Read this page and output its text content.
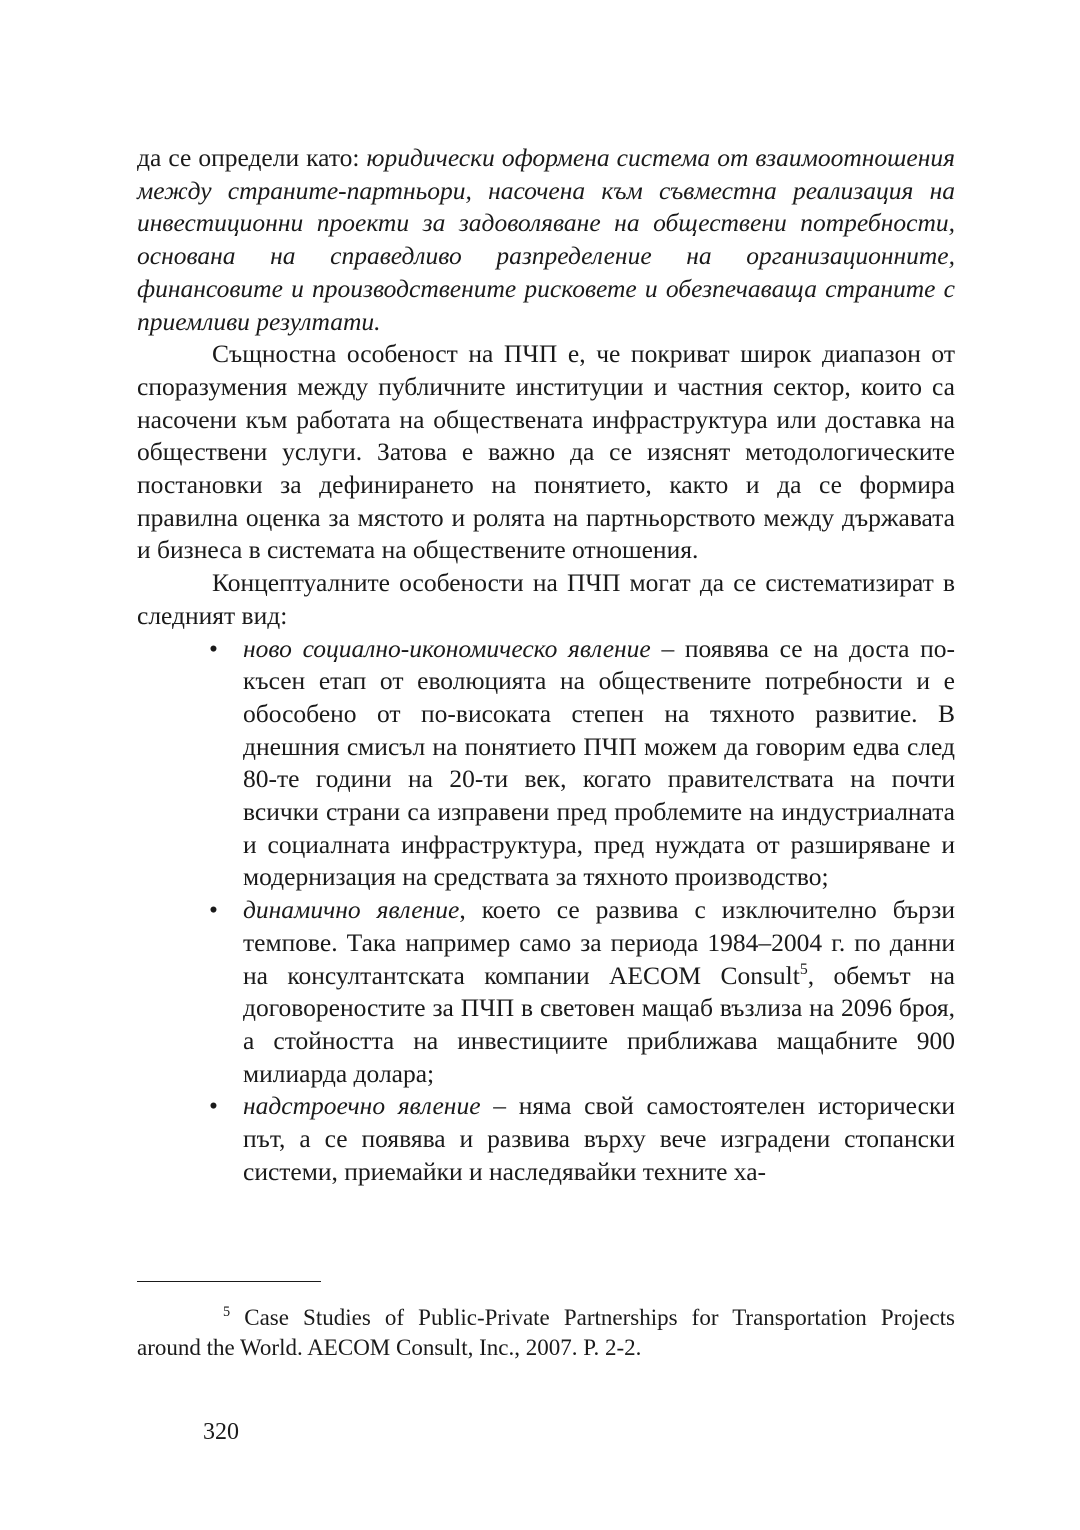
да се определи като: юридически оформена система от взаимоотношения между страните-партньори, насочена към съвместна реализация на инвестиционни проекти за задоволяване на обществени потребности, основана на справедливо разпределение на организационните, финансовите и производствените рисковете и обезпечаваща страните с приемливи резултати.

Същностна особеност на ПЧП е, че покриват широк диапазон от споразумения между публичните институции и частния сектор, които са насочени към работата на обществената инфраструктура или доставка на обществени услуги. Затова е важно да се изяснят методологическите постановки за дефинирането на понятието, както и да се формира правилна оценка за мястото и ролята на партньорството между държавата и бизнеса в системата на обществените отношения.

Концептуалните особености на ПЧП могат да се систематизират в следният вид:

• ново социално-икономическо явление – появява се на доста по-късен етап от еволюцията на обществените потребности и е обособено от по-високата степен на тяхното развитие. В днешния смисъл на понятието ПЧП можем да говорим едва след 80-те години на 20-ти век, когато правителствата на почти всички страни са изправени пред проблемите на индустриалната и социалната инфраструктура, пред нуждата от разширяване и модернизация на средствата за тяхното производство;
• динамично явление, което се развива с изключително бързи темпове. Така например само за периода 1984–2004 г. по данни на консултантската компании AECOM Consult$^5$, обемът на договореностите за ПЧП в световен мащаб възлиза на 2096 броя, а стойността на инвестициите приближава мащабните 900 милиарда долара;
• надстроечно явление – няма свой самостоятелен исторически път, а се появява и развива върху вече изградени стопански системи, приемайки и наследявайки техните ха-

$^5$ Case Studies of Public-Private Partnerships for Transportation Projects around the World. AECOM Consult, Inc., 2007. P. 2-2.

320
